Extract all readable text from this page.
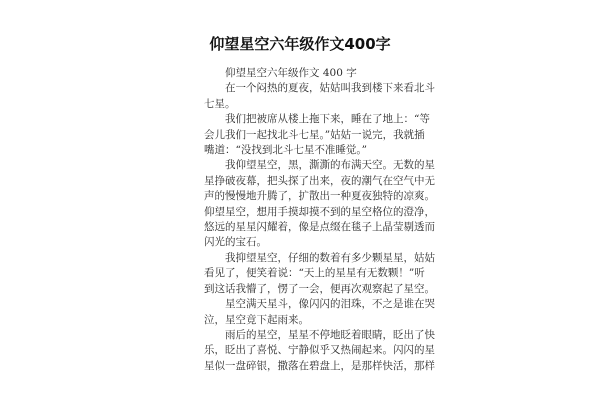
仰望星空六年级作文400字
仰望星空六年级作文 400 字
在一个闷热的夏夜，姑姑叫我到楼下来看北斗
七星。
我们把被席从楼上拖下来，睡在了地上：“等
会儿我们一起找北斗七星。”姑姑一说完，我就插
嘴道：“没找到北斗七星不准睡觉。”
我仰望星空，黑，澌澌的布满天空。无数的星
星挣破夜幕，把头探了出来，夜的潮气在空气中无
声的慢慢地升腾了，扩散出一种夏夜独特的凉爽。
仰望星空，想用手摸却摸不到的星空格位的澄净，
悠远的星星闪耀着，像是点缀在毯子上晶莹剔透而
闪光的宝石。
我抑望星空，仔细的数着有多少颗星星，姑姑
看见了，便笑着说：“天上的星星有无数颗！”听
到这话我懵了，愣了一会，便再次观察起了星空。
星空满天星斗，像闪闪的泪珠，不之是谁在哭
泣，星空竟下起雨来。
雨后的星空，星星不停地眨着眼睛，眨出了快
乐，眨出了喜悦、宁静似乎又热闹起来。闪闪的星
星似一盘碎银，撒落在碧盘上，是那样快活，那样
